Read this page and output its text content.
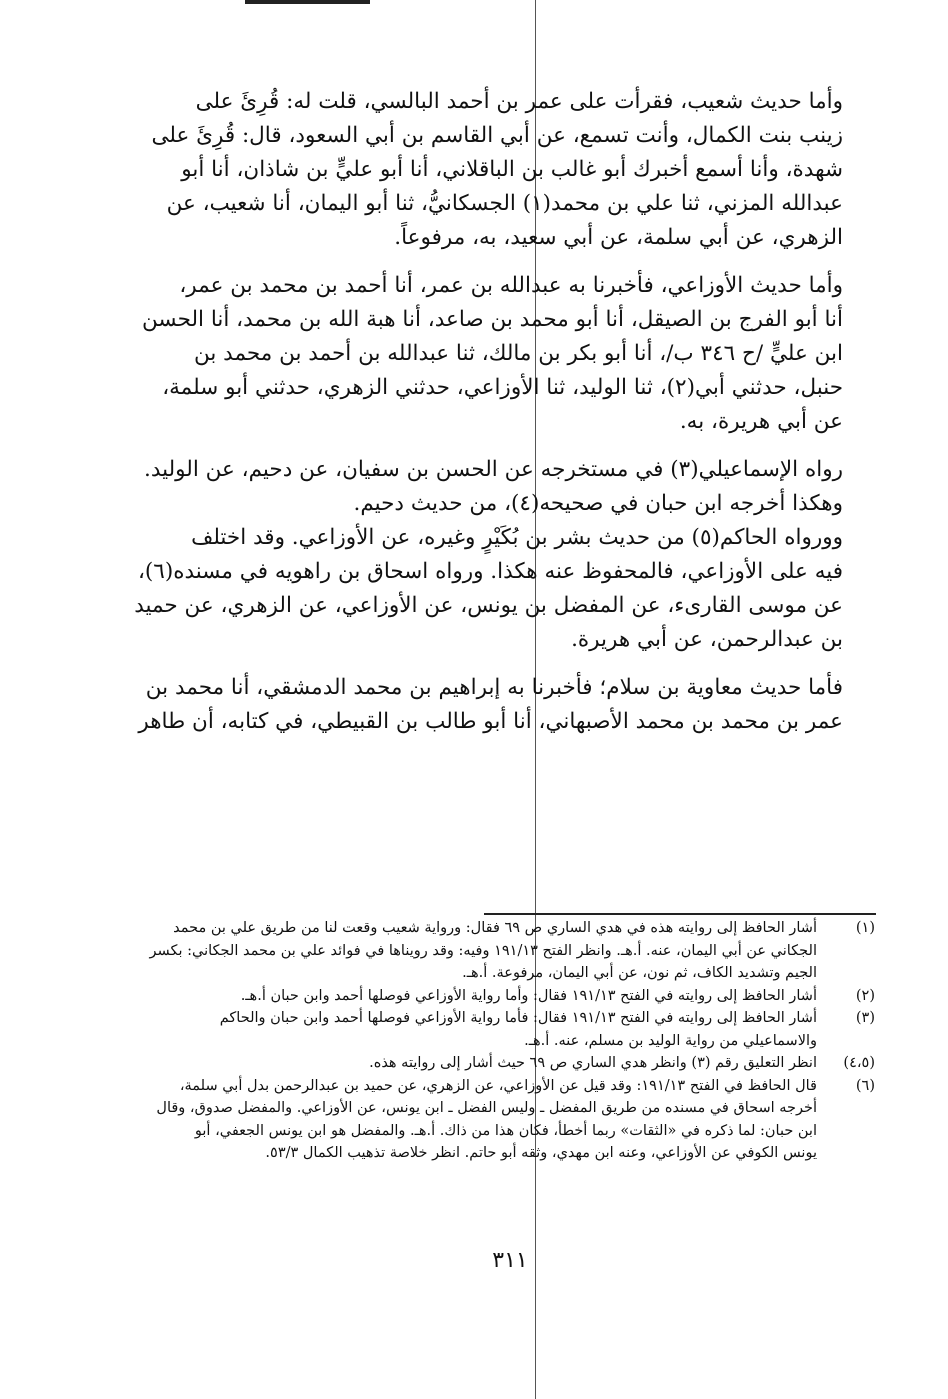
وأما حديث شعيب، فقرأت على عمر بن أحمد البالسي، قلت له: قُرِئَ على
زينب بنت الكمال، وأنت تسمع، عن أبي القاسم بن أبي السعود، قال: قُرِئَ على
شهدة، وأنا أسمع أخبرك أبو غالب بن الباقلاني، أنا أبو عليٍّ بن شاذان، أنا أبو
عبدالله المزني، ثنا علي بن محمد(١) الجسكانيُّ، ثنا أبو اليمان، أنا شعيب، عن
الزهري، عن أبي سلمة، عن أبي سعيد، به، مرفوعاً.
وأما حديث الأوزاعي، فأخبرنا به عبدالله بن عمر، أنا أحمد بن محمد بن عمر،
أنا أبو الفرج بن الصيقل، أنا أبو محمد بن صاعد، أنا هبة الله بن محمد، أنا الحسن
ابن عليٍّ /ح ٣٤٦ ب/، أنا أبو بكر بن مالك، ثنا عبدالله بن أحمد بن محمد بن
حنبل، حدثني أبي(٢)، ثنا الوليد، ثنا الأوزاعي، حدثني الزهري، حدثني أبو سلمة،
عن أبي هريرة، به.
رواه الإسماعيلي(٣) في مستخرجه عن الحسن بن سفيان، عن دحيم، عن الوليد.
وهكذا أخرجه ابن حبان في صحيحه(٤)، من حديث دحيم.
وورواه الحاكم(٥) من حديث بشر بن بُكَيْرٍ وغيره، عن الأوزاعي. وقد اختلف
فيه على الأوزاعي، فالمحفوظ عنه هكذا. ورواه اسحاق بن راهويه في مسنده(٦)،
عن موسى القارىء، عن المفضل بن يونس، عن الأوزاعي، عن الزهري، عن حميد
بن عبدالرحمن، عن أبي هريرة.
فأما حديث معاوية بن سلام؛ فأخبرنا به إبراهيم بن محمد الدمشقي، أنا محمد بن
عمر بن محمد بن محمد الأصبهاني، أنا أبو طالب بن القبيطي، في كتابه، أن طاهر
(١)
أشار الحافظ إلى روايته هذه في هدي الساري ص ٦٩ فقال: ورواية شعيب وقعت لنا من طريق علي بن محمد
الجكاني عن أبي اليمان، عنه. أ.هـ. وانظر الفتح ١٩١/١٣ وفيه: وقد رويناها في فوائد علي بن محمد الجكاني: بكسر
الجيم وتشديد الكاف، ثم نون، عن أبي اليمان، مرفوعة. أ.هـ.
(٢)
أشار الحافظ إلى روايته في الفتح ١٩١/١٣ فقال: وأما رواية الأوزاعي فوصلها أحمد وابن حبان أ.هـ.
(٣)
أشار الحافظ إلى روايته في الفتح ١٩١/١٣ فقال: فأما رواية الأوزاعي فوصلها أحمد وابن حبان والحاكم
والاسماعيلي من رواية الوليد بن مسلم، عنه. أ.هـ.
(٤،٥)
انظر التعليق رقم (٣) وانظر هدي الساري ص ٦٩ حيث أشار إلى روايته هذه.
(٦)
قال الحافظ في الفتح ١٩١/١٣: وقد قيل عن الأوزاعي، عن الزهري، عن حميد بن عبدالرحمن بدل أبي سلمة،
أخرجه اسحاق في مسنده من طريق المفضل ـ وليس الفضل ـ ابن يونس، عن الأوزاعي. والمفضل صدوق، وقال
ابن حبان: لما ذكره في «الثقات» ربما أخطأ، فكان هذا من ذاك. أ.هـ. والمفضل هو ابن يونس الجعفي، أبو
يونس الكوفي عن الأوزاعي، وعنه ابن مهدي، وثقه أبو حاتم. انظر خلاصة تذهيب الكمال ٥٣/٣.
٣١١
